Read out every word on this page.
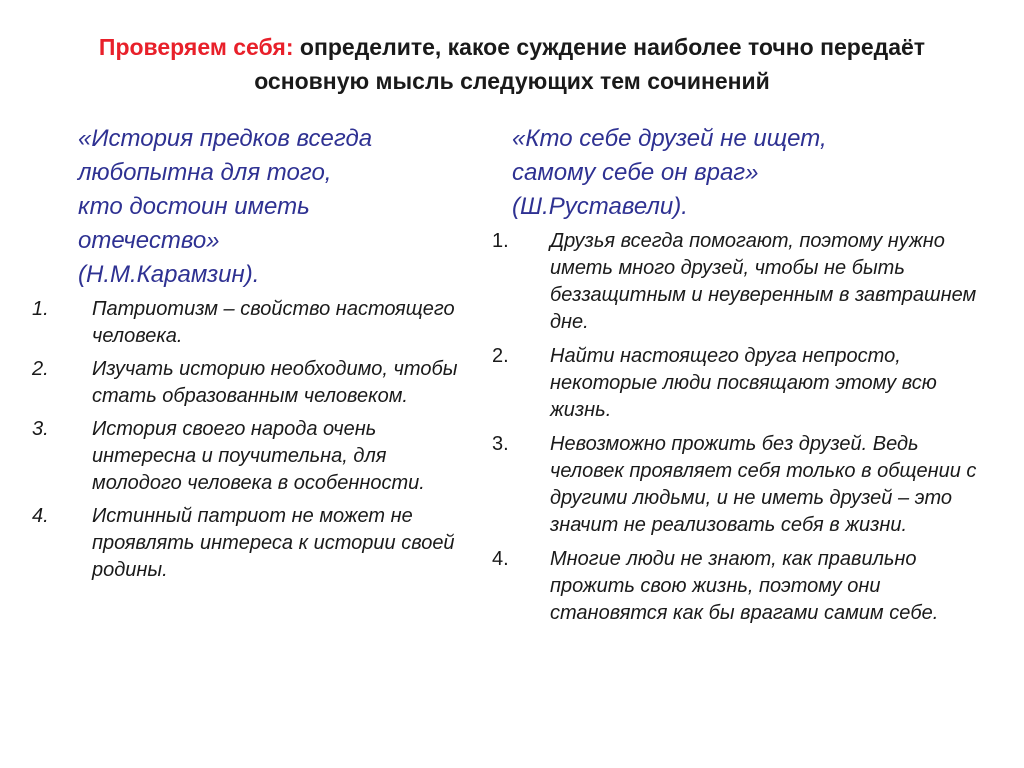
Проверяем себя: определите, какое суждение наиболее точно передаёт основную мысль следующих тем сочинений
«История предков всегда
любопытна для того,
кто достоин иметь
отечество»
(Н.М.Карамзин).
1. Патриотизм – свойство настоящего человека.
2. Изучать историю необходимо, чтобы стать образованным человеком.
3. История своего народа очень интересна и поучительна, для молодого человека в особенности.
4. Истинный патриот не может не проявлять интереса к истории своей родины.
«Кто себе друзей не ищет,
самому себе он враг»
(Ш.Руставели).
1. Друзья всегда помогают, поэтому нужно иметь много друзей, чтобы не быть беззащитным и неуверенным в завтрашнем дне.
2. Найти настоящего друга непросто, некоторые люди посвящают этому всю жизнь.
3. Невозможно прожить без друзей. Ведь человек проявляет себя только в общении с другими людьми, и не иметь друзей – это значит не реализовать себя в жизни.
4. Многие люди не знают, как правильно прожить свою жизнь, поэтому они становятся как бы врагами самим себе.
